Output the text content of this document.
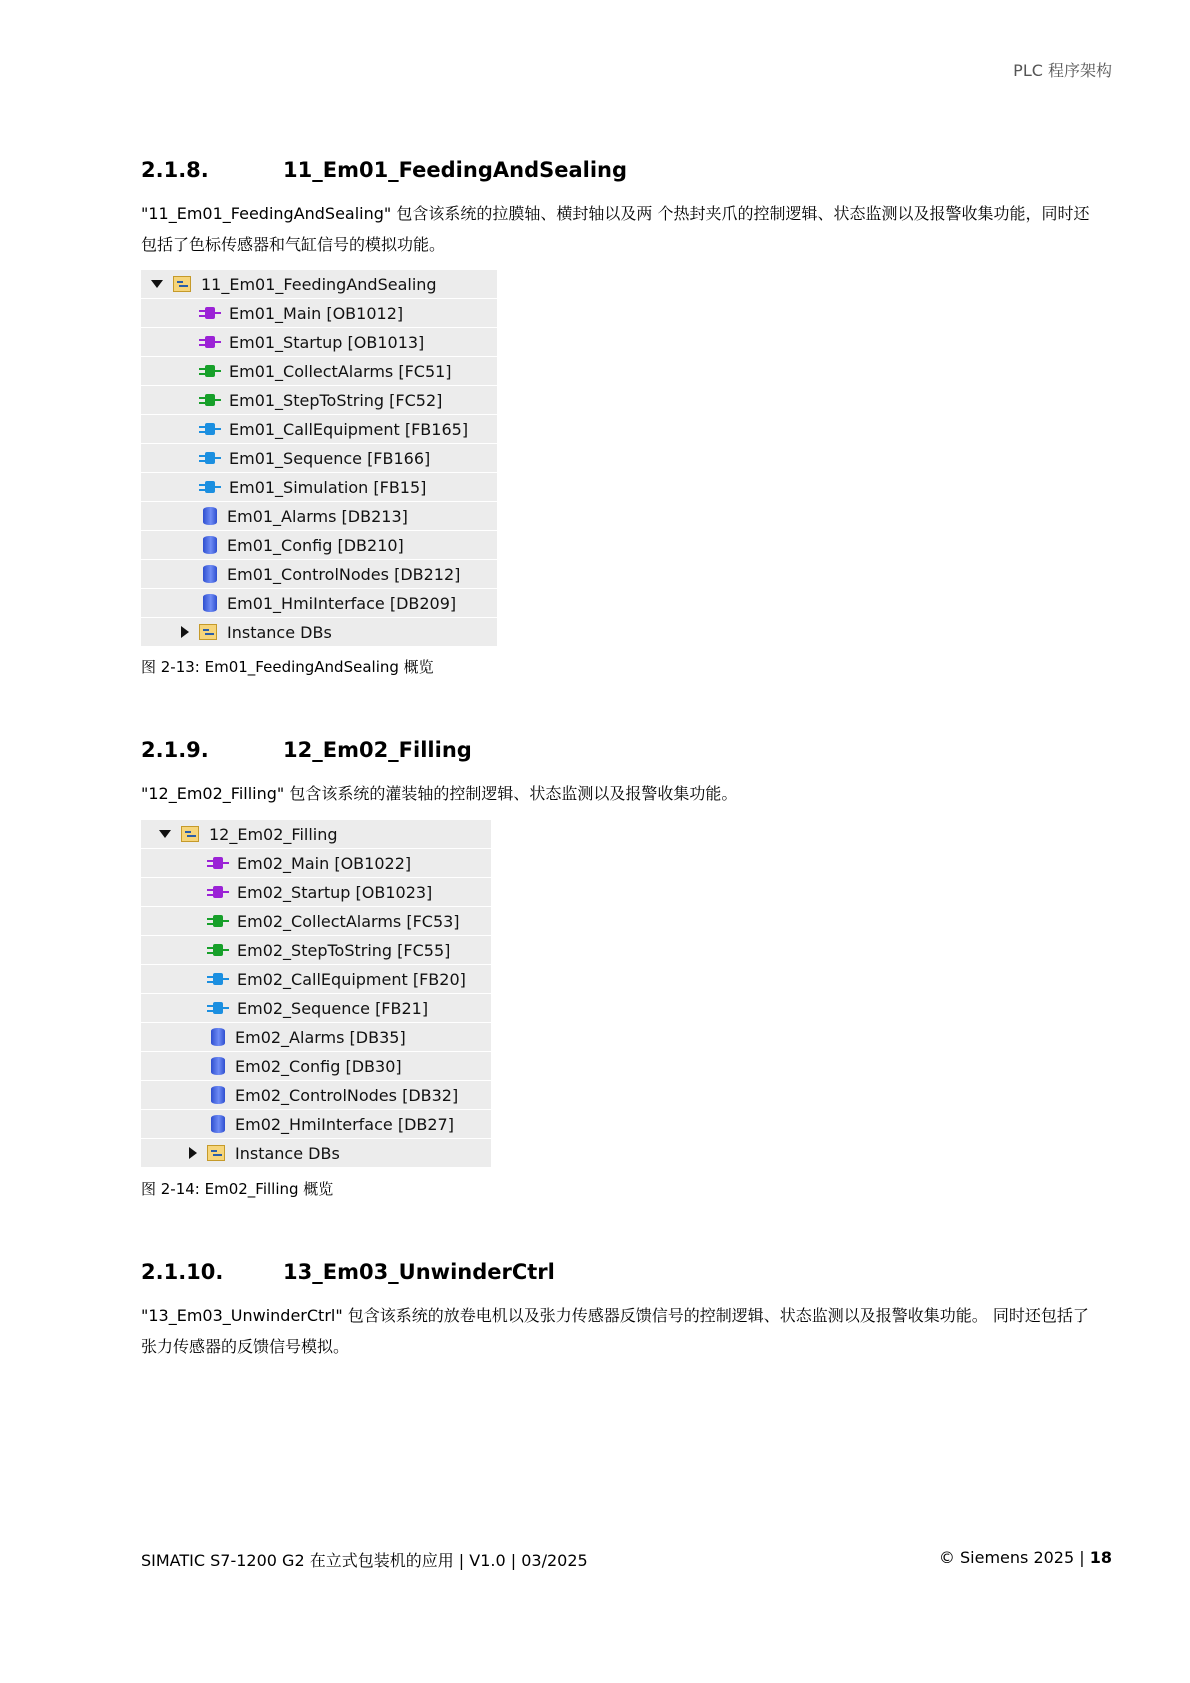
PLC 程序架构
2.1.8.	11_Em01_FeedingAndSealing
"11_Em01_FeedingAndSealing" 包含该系统的拉膜轴、横封轴以及两 个热封夹爪的控制逻辑、状态监测以及报警收集功能，同时还包括了色标传感器和气缸信号的模拟功能。
11_Em01_FeedingAndSealing
Em01_Main [OB1012]
Em01_Startup [OB1013]
Em01_CollectAlarms [FC51]
Em01_StepToString [FC52]
Em01_CallEquipment [FB165]
Em01_Sequence [FB166]
Em01_Simulation [FB15]
Em01_Alarms [DB213]
Em01_Config [DB210]
Em01_ControlNodes [DB212]
Em01_HmiInterface [DB209]
Instance DBs
图 2-13: Em01_FeedingAndSealing 概览
2.1.9.	12_Em02_Filling
"12_Em02_Filling" 包含该系统的灌装轴的控制逻辑、状态监测以及报警收集功能。
12_Em02_Filling
Em02_Main [OB1022]
Em02_Startup [OB1023]
Em02_CollectAlarms [FC53]
Em02_StepToString [FC55]
Em02_CallEquipment [FB20]
Em02_Sequence [FB21]
Em02_Alarms [DB35]
Em02_Config [DB30]
Em02_ControlNodes [DB32]
Em02_HmiInterface [DB27]
Instance DBs
图 2-14: Em02_Filling 概览
2.1.10.	13_Em03_UnwinderCtrl
"13_Em03_UnwinderCtrl" 包含该系统的放卷电机以及张力传感器反馈信号的控制逻辑、状态监测以及报警收集功能。 同时还包括了张力传感器的反馈信号模拟。
SIMATIC S7-1200 G2 在立式包装机的应用 | V1.0 | 03/2025	© Siemens 2025 | 18
